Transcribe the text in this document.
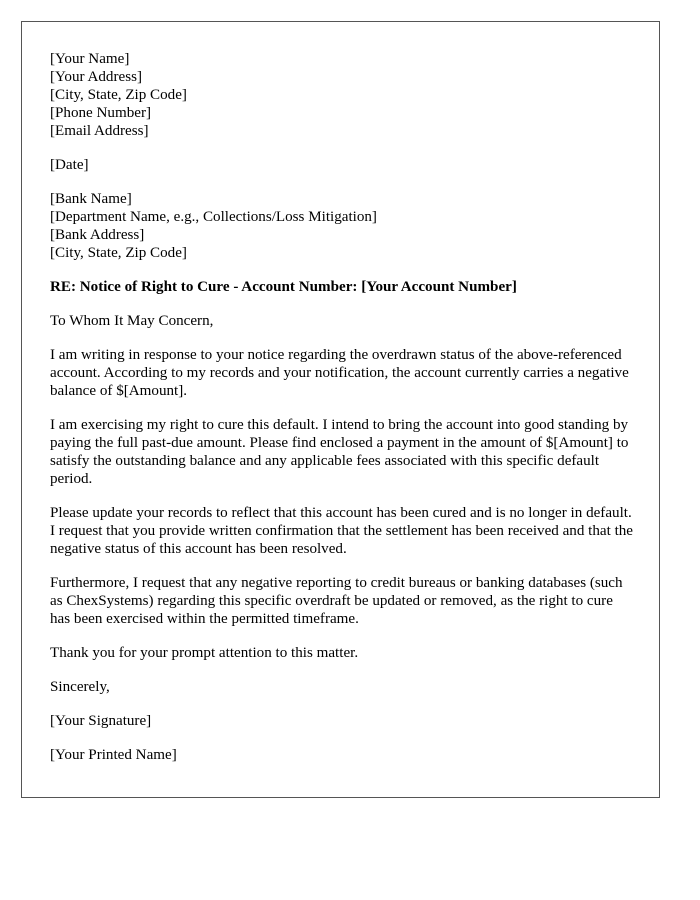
[Your Name]
[Your Address]
[City, State, Zip Code]
[Phone Number]
[Email Address]
[Date]
[Bank Name]
[Department Name, e.g., Collections/Loss Mitigation]
[Bank Address]
[City, State, Zip Code]

RE: Notice of Right to Cure - Account Number: [Your Account Number]

To Whom It May Concern,

I am writing in response to your notice regarding the overdrawn status of the above-referenced account. According to my records and your notification, the account currently carries a negative balance of $[Amount].

I am exercising my right to cure this default. I intend to bring the account into good standing by paying the full past-due amount. Please find enclosed a payment in the amount of $[Amount] to satisfy the outstanding balance and any applicable fees associated with this specific default period.

Please update your records to reflect that this account has been cured and is no longer in default. I request that you provide written confirmation that the settlement has been received and that the negative status of this account has been resolved.

Furthermore, I request that any negative reporting to credit bureaus or banking databases (such as ChexSystems) regarding this specific overdraft be updated or removed, as the right to cure has been exercised within the permitted timeframe.

Thank you for your prompt attention to this matter.

Sincerely,

[Your Signature]

[Your Printed Name]
